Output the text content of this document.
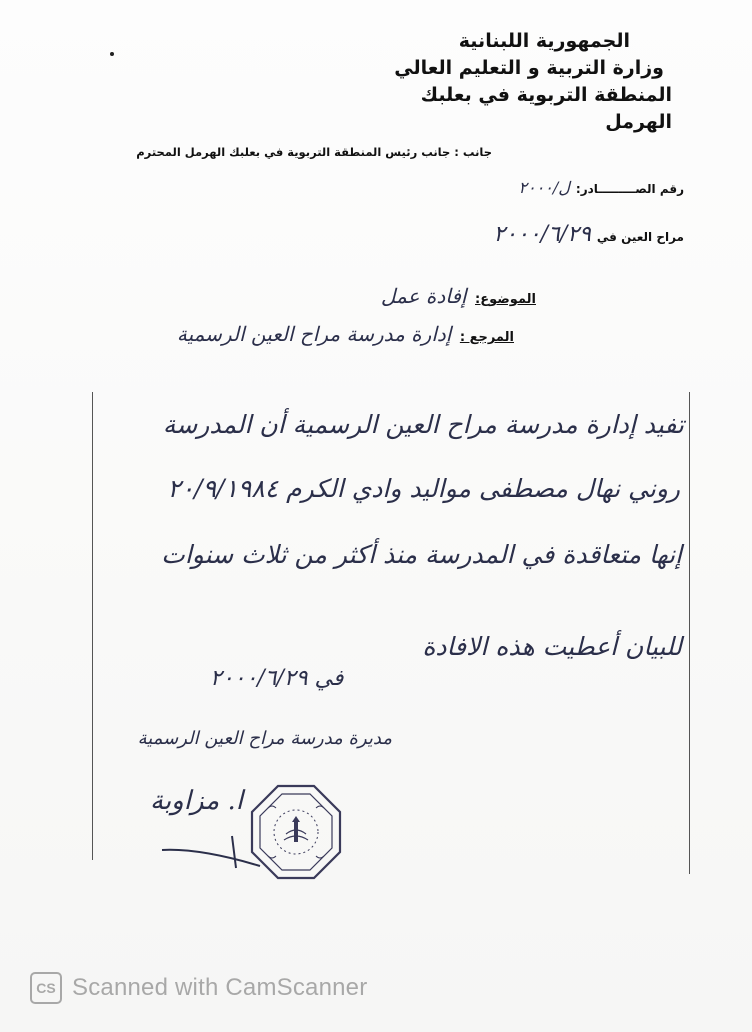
الجمهورية اللبنانية
وزارة التربية و التعليم العالي
المنطقة التربوية في بعلبك الهرمل
جانب : جانب رئيس المنطقة التربوية في بعلبك الهرمل المحترم
رقم الصـــــــــادر:ل/٢٠٠٠
مراح العين في٢٠٠٠/٦/٢٩
الموضوع: إفادة عمل
المرجع : إدارة مدرسة مراح العين الرسمية
تفيد إدارة مدرسة مراح العين الرسمية أن المدرسة
روني نهال مصطفى مواليد وادي الكرم ٢٠/٩/١٩٨٤
إنها متعاقدة في المدرسة منذ أكثر من ثلاث سنوات
للبيان أعطيت هذه الافادة
في ٢٠٠٠/٦/٢٩
مديرة مدرسة مراح العين الرسمية
ا. مزاوبة
CS Scanned with CamScanner
